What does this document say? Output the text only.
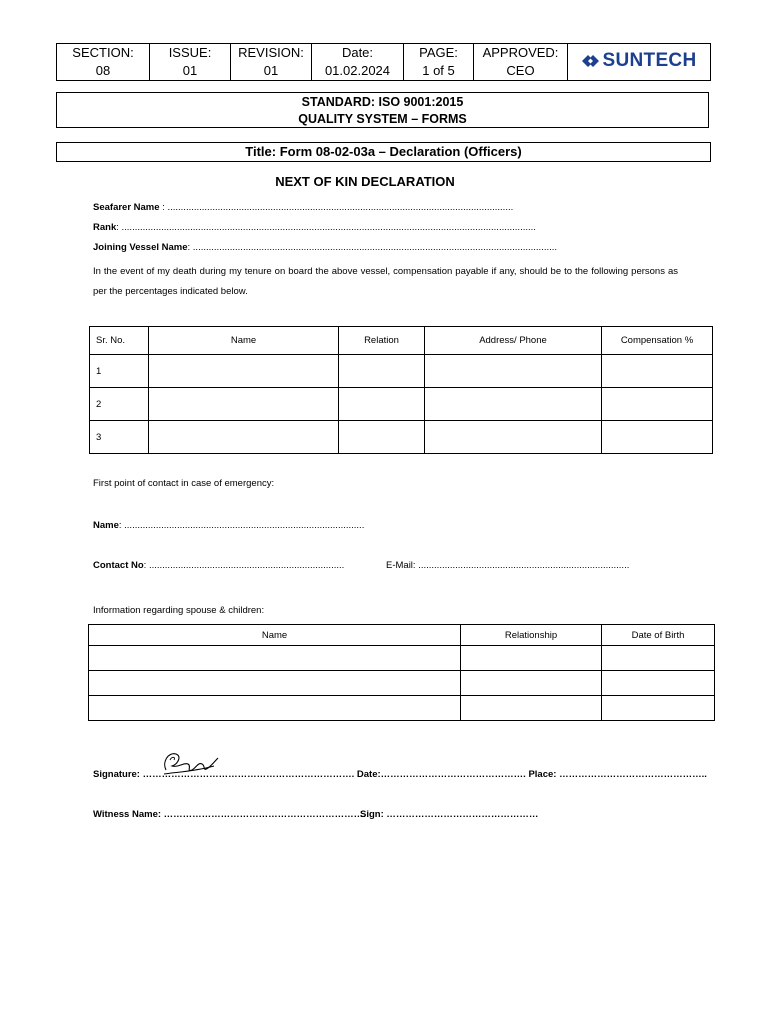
SECTION:
08

ISSUE:
01

REVISION:
01

Date:
01.02.2024

PAGE:
1 of 5

APPROVED:
CEO	SUNTECH
STANDARD: ISO 9001:2015
QUALITY SYSTEM – FORMS
Title: Form 08-02-03a – Declaration (Officers)
NEXT OF KIN DECLARATION
Seafarer Name : ...................................................................................................................................
Rank: .............................................................................................................................................................
Joining Vessel Name: ..........................................................................................................................................
In the event of my death during my tenure on board the above vessel, compensation payable if any, should be to the following persons as per the percentages indicated below.
Sr. No.	Name	Relation	Address/ Phone	Compensation %
1				
2				
3				
First point of contact in case of emergency:
Name: ...........................................................................................
Contact No: ..........................................................................	E-Mail: ................................................................................
Information regarding spouse & children:
Name	Relationship	Date of Birth

Signature: …………………………………………………………. Date:………………………………………. Place: ………………………………………..
Witness Name: ……………………………………………………….
Sign: …………………………………………
